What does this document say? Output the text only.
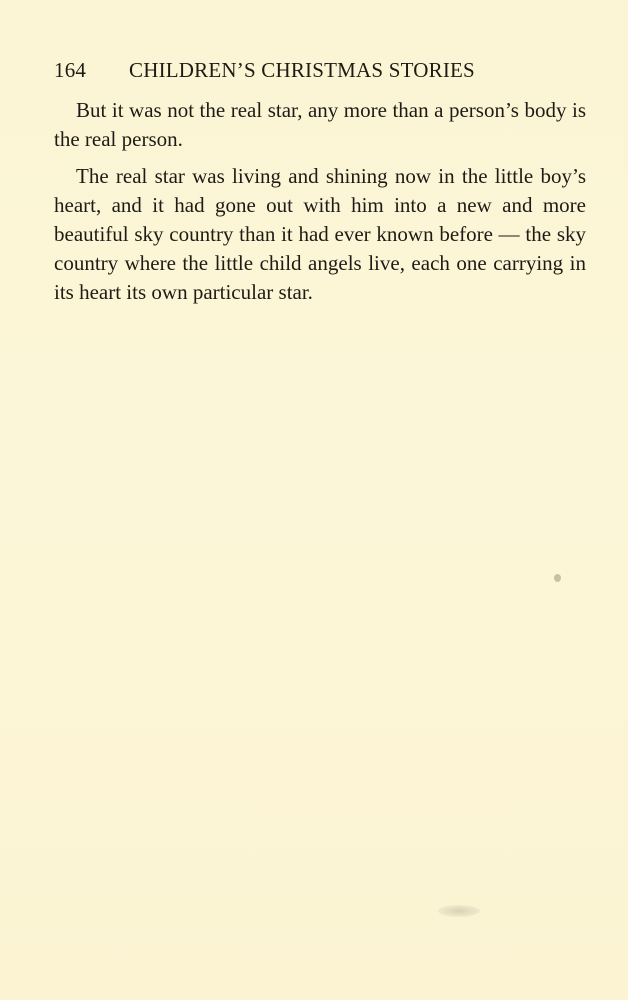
164 CHILDREN’S CHRISTMAS STORIES

But it was not the real star, any more than a person’s body is the real person.

The real star was living and shining now in the little boy’s heart, and it had gone out with him into a new and more beautiful sky country than it had ever known before — the sky country where the little child angels live, each one carrying in its heart its own particular star.
